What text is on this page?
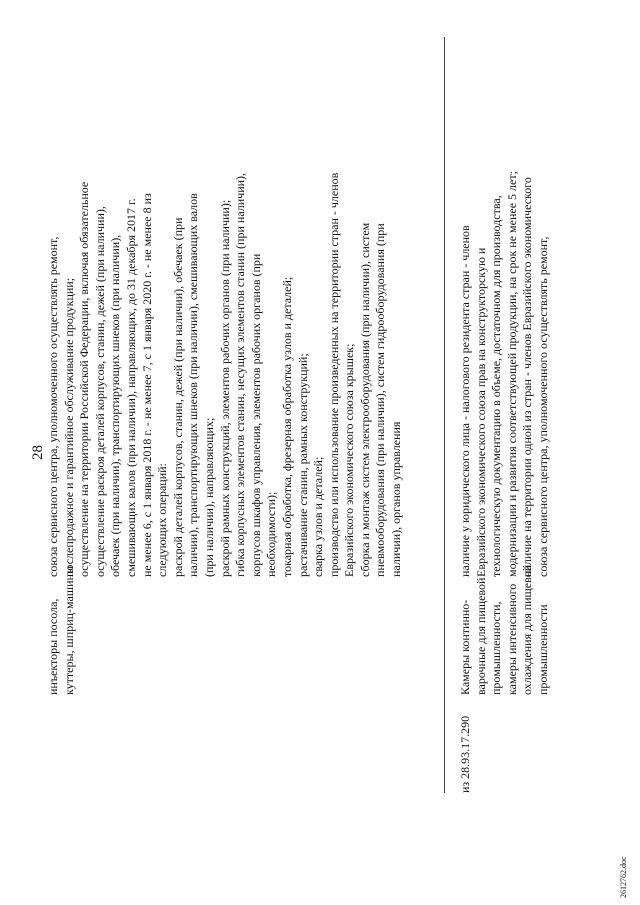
28
инъекторы посола, куттеры, шприц-машины
союза сервисного центра, уполномоченного осуществлять ремонт, послепродажное и гарантийное обслуживание продукции; осуществление на территории Российской Федерации, включая обязательное осуществление раскроя деталей корпусов, станин, дежей (при наличии), обечаек (при наличии), транспортирующих шнеков (при наличии), смешивающих валов (при наличии), направляющих, до 31 декабря 2017 г. не менее 6, с 1 января 2018 г. - не менее 7, с 1 января 2020 г. - не менее 8 из следующих операций: раскрой деталей корпусов, станин, дежей (при наличии), обечаек (при наличии), транспортирующих шнеков (при наличии), смешивающих валов (при наличии), направляющих; раскрой рамных конструкций, элементов рабочих органов (при наличии); гибка корпусных элементов станин, несущих элементов станин (при наличии), корпусов шкафов управления, элементов рабочих органов (при необходимости); токарная обработка, фрезерная обработка узлов и деталей; растачивание станин, рамных конструкций; сварка узлов и деталей; производство или использование произведенных на территории стран - членов Евразийского экономического союза крышек; сборка и монтаж систем электрооборудования (при наличии), систем пневмооборудования (при наличии), систем гидрооборудования (при наличии), органов управления
из 28.93.17.290
Камеры континно- варочные для пищевой промышленности, камеры интенсивного охлаждения для пищевой промышленности
наличие у юридического лица - налогового резидента стран - членов Евразийского экономического союза прав на конструкторскую и технологическую документацию в объеме, достаточном для производства, модернизации и развития соответствующей продукции, на срок не менее 5 лет; наличие на территории одной из стран - членов Евразийского экономического союза сервисного центра, уполномоченного осуществлять ремонт,
2612762.doc
